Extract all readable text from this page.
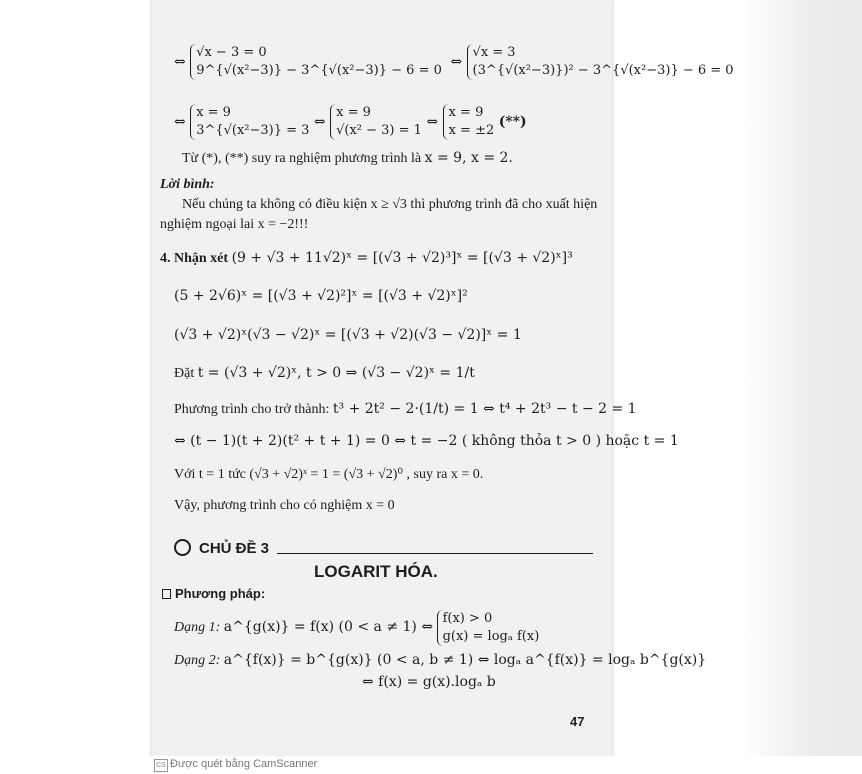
⇔ √x − 3 = 0
9^{√(x²−3)} − 3^{√(x²−3)} − 6 = 0 ⇔ √x = 3
(3^{√(x²−3)})² − 3^{√(x²−3)} − 6 = 0
⇔ x = 9
3^{√(x²−3)} = 3 ⇔ x = 9
√(x² − 3) = 1 ⇔ x = 9
x = ±2 (**)
Từ (*), (**) suy ra nghiệm phương trình là x = 9, x = 2.
Lời bình:
Nếu chúng ta không có điều kiện x ≥ √3 thì phương trình đã cho xuất hiện
nghiệm ngoại lai x = −2!!!
4. Nhận xét (9 + √3 + 11√2)ˣ = [(√3 + √2)³]ˣ = [(√3 + √2)ˣ]³
(5 + 2√6)ˣ = [(√3 + √2)²]ˣ = [(√3 + √2)ˣ]²
(√3 + √2)ˣ(√3 − √2)ˣ = [(√3 + √2)(√3 − √2)]ˣ = 1
Đặt t = (√3 + √2)ˣ, t > 0 ⇒ (√3 − √2)ˣ = 1/t
Phương trình cho trở thành: t³ + 2t² − 2·(1/t) = 1 ⇔ t⁴ + 2t³ − t − 2 = 1
⇔ (t − 1)(t + 2)(t² + t + 1) = 0 ⇔ t = −2 ( không thỏa t > 0 ) hoặc t = 1
Với t = 1 tức (√3 + √2)ˣ = 1 = (√3 + √2)⁰ , suy ra x = 0.
Vậy, phương trình cho có nghiệm x = 0
CHỦ ĐỀ 3
LOGARIT HÓA.
Phương pháp:
Dạng 1: a^{g(x)} = f(x) (0 < a ≠ 1) ⇔ f(x) > 0
g(x) = logₐ f(x)
Dạng 2: a^{f(x)} = b^{g(x)} (0 < a, b ≠ 1) ⇔ logₐ a^{f(x)} = logₐ b^{g(x)}
⇔ f(x) = g(x).logₐ b
47
CS Được quét bằng CamScanner
